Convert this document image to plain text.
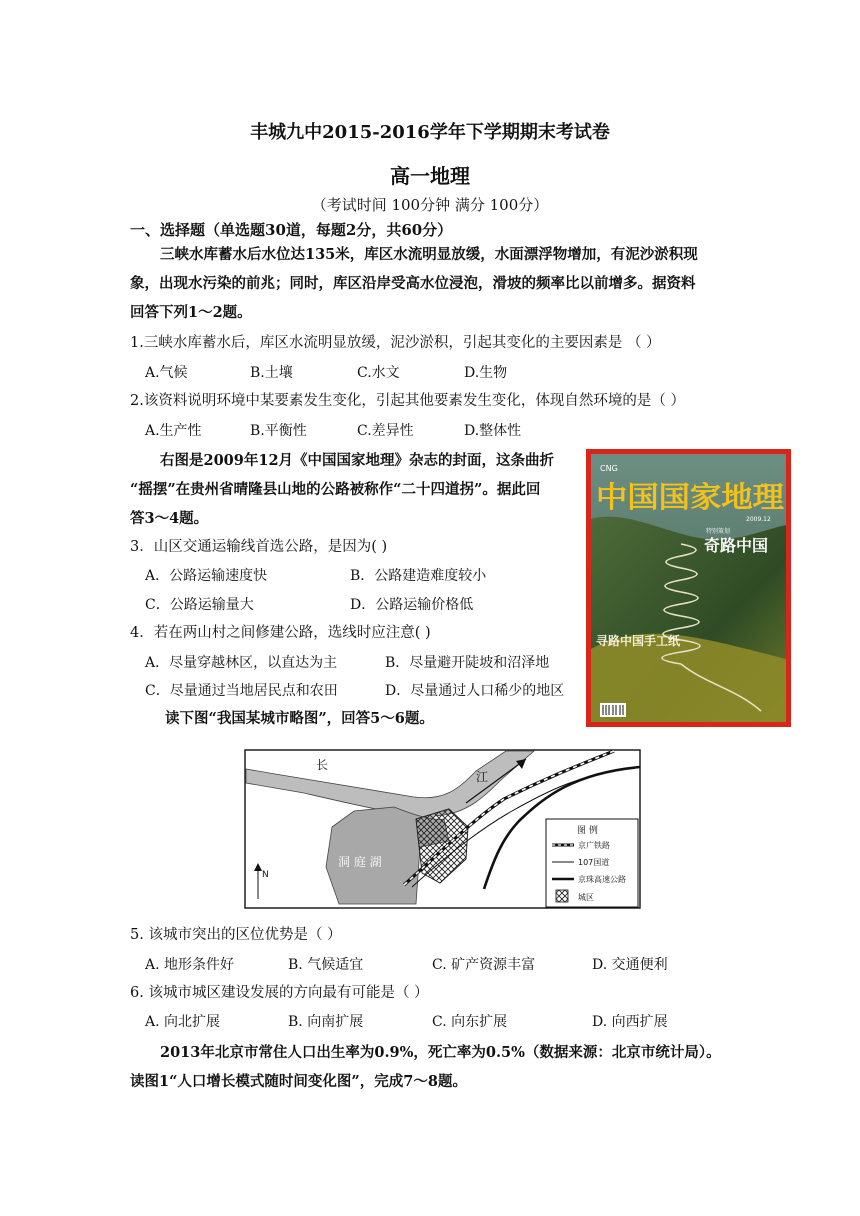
丰城九中2015-2016学年下学期期末考试卷
高一地理
（考试时间 100分钟 满分 100分）
一、选择题（单选题30道，每题2分，共60分）
三峡水库蓄水后水位达135米，库区水流明显放缓，水面漂浮物增加，有泥沙淤积现
象，出现水污染的前兆；同时，库区沿岸受高水位浸泡，滑坡的频率比以前增多。据资料
回答下列1～2题。
1.三峡水库蓄水后，库区水流明显放缓，泥沙淤积，引起其变化的主要因素是 （ ）
A.气候	B.土壤	C.水文	D.生物
2.该资料说明环境中某要素发生变化，引起其他要素发生变化，体现自然环境的是（ ）
A.生产性	B.平衡性	C.差异性	D.整体性
右图是2009年12月《中国国家地理》杂志的封面，这条曲折
“摇摆”在贵州省晴隆县山地的公路被称作“二十四道拐”。据此回
答3～4题。
3．山区交通运输线首选公路，是因为( )
A．公路运输速度快	B．公路建造难度较小
C．公路运输量大	D．公路运输价格低
4．若在两山村之间修建公路，选线时应注意( )
A．尽量穿越林区，以直达为主	B．尽量避开陡坡和沼泽地
C．尽量通过当地居民点和农田	D．尽量通过人口稀少的地区
读下图“我国某城市略图”，回答5～6题。
CNG
中国国家地理
2009.12
特别策划
奇路中国
寻路中国手工纸
长
江
洞 庭 湖
N
图 例
京广铁路
107国道
京珠高速公路
城区
5. 该城市突出的区位优势是（ ）
A. 地形条件好	B. 气候适宜	C. 矿产资源丰富	D. 交通便利
6. 该城市城区建设发展的方向最有可能是（ ）
A. 向北扩展	B. 向南扩展	C. 向东扩展	D. 向西扩展
2013年北京市常住人口出生率为0.9%，死亡率为0.5%（数据来源：北京市统计局）。
读图1“人口增长模式随时间变化图”，完成7～8题。
